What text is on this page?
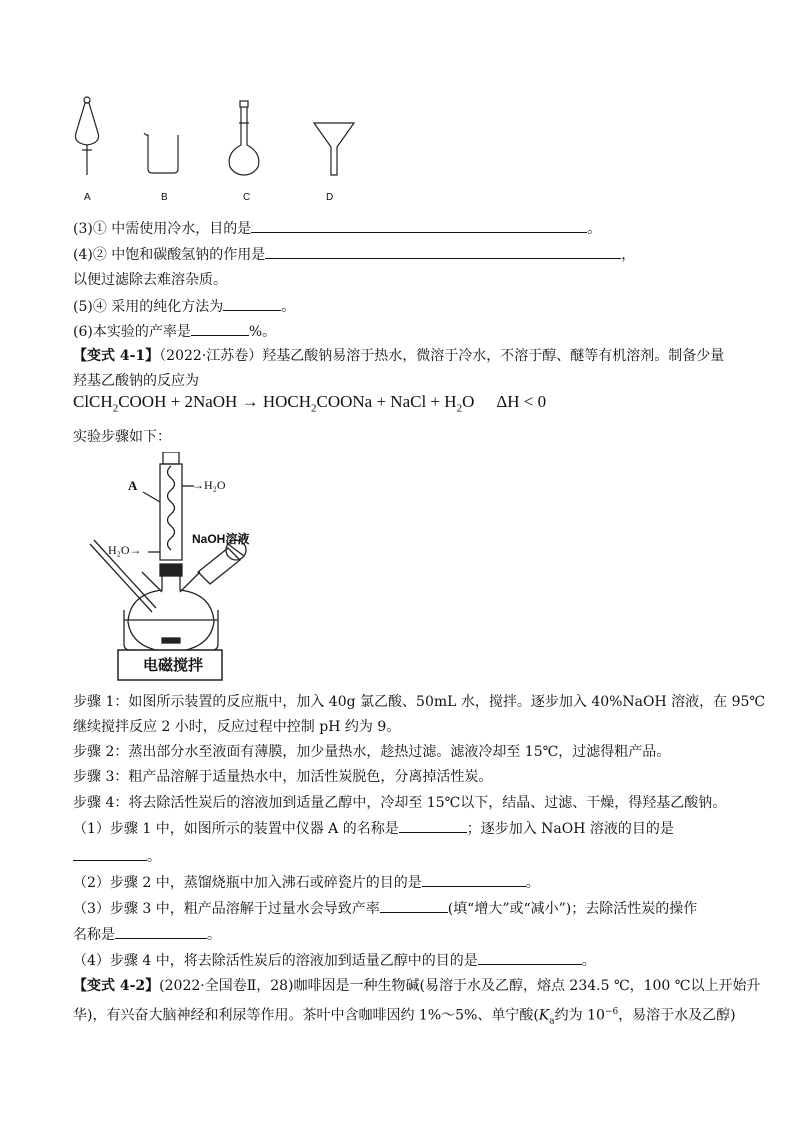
A	B	C	D
(3)① 中需使用冷水，目的是	。
(4)② 中饱和碳酸氢钠的作用是	，
以便过滤除去难溶杂质。
(5)④ 采用的纯化方法为	。
(6)本实验的产率是	%。
【变式 4-1】（2022·江苏卷）羟基乙酸钠易溶于热水，微溶于冷水，不溶于醇、醚等有机溶剂。制备少量
羟基乙酸钠的反应为
ClCH$_2$COOH + 2NaOH → $HOCH_2COONa$ + NaCl + $H_2O$ ΔH < 0
实验步骤如下：
A	→H₂O
H₂O→
NaOH溶液
电磁搅拌
步骤 1：如图所示装置的反应瓶中，加入 40g 氯乙酸、50mL 水，搅拌。逐步加入 40%NaOH 溶液，在 95℃
继续搅拌反应 2 小时，反应过程中控制 pH 约为 9。
步骤 2：蒸出部分水至液面有薄膜，加少量热水，趁热过滤。滤液冷却至 15℃，过滤得粗产品。
步骤 3：粗产品溶解于适量热水中，加活性炭脱色，分离掉活性炭。
步骤 4：将去除活性炭后的溶液加到适量乙醇中，冷却至 15℃以下，结晶、过滤、干燥，得羟基乙酸钠。
（1）步骤 1 中，如图所示的装置中仪器 A 的名称是	；逐步加入 NaOH 溶液的目的是
。
（2）步骤 2 中，蒸馏烧瓶中加入沸石或碎瓷片的目的是	。
（3）步骤 3 中，粗产品溶解于过量水会导致产率	(填“增大”或“减小”)；去除活性炭的操作
名称是	。
（4）步骤 4 中，将去除活性炭后的溶液加到适量乙醇中的目的是	。
【变式 4-2】(2022·全国卷Ⅱ，28)咖啡因是一种生物碱(易溶于水及乙醇，熔点 234.5 ℃，100 ℃以上开始升
华)，有兴奋大脑神经和利尿等作用。茶叶中含咖啡因约 1%～5%、单宁酸($K_a$约为 $10^{-6}$，易溶于水及乙醇)
